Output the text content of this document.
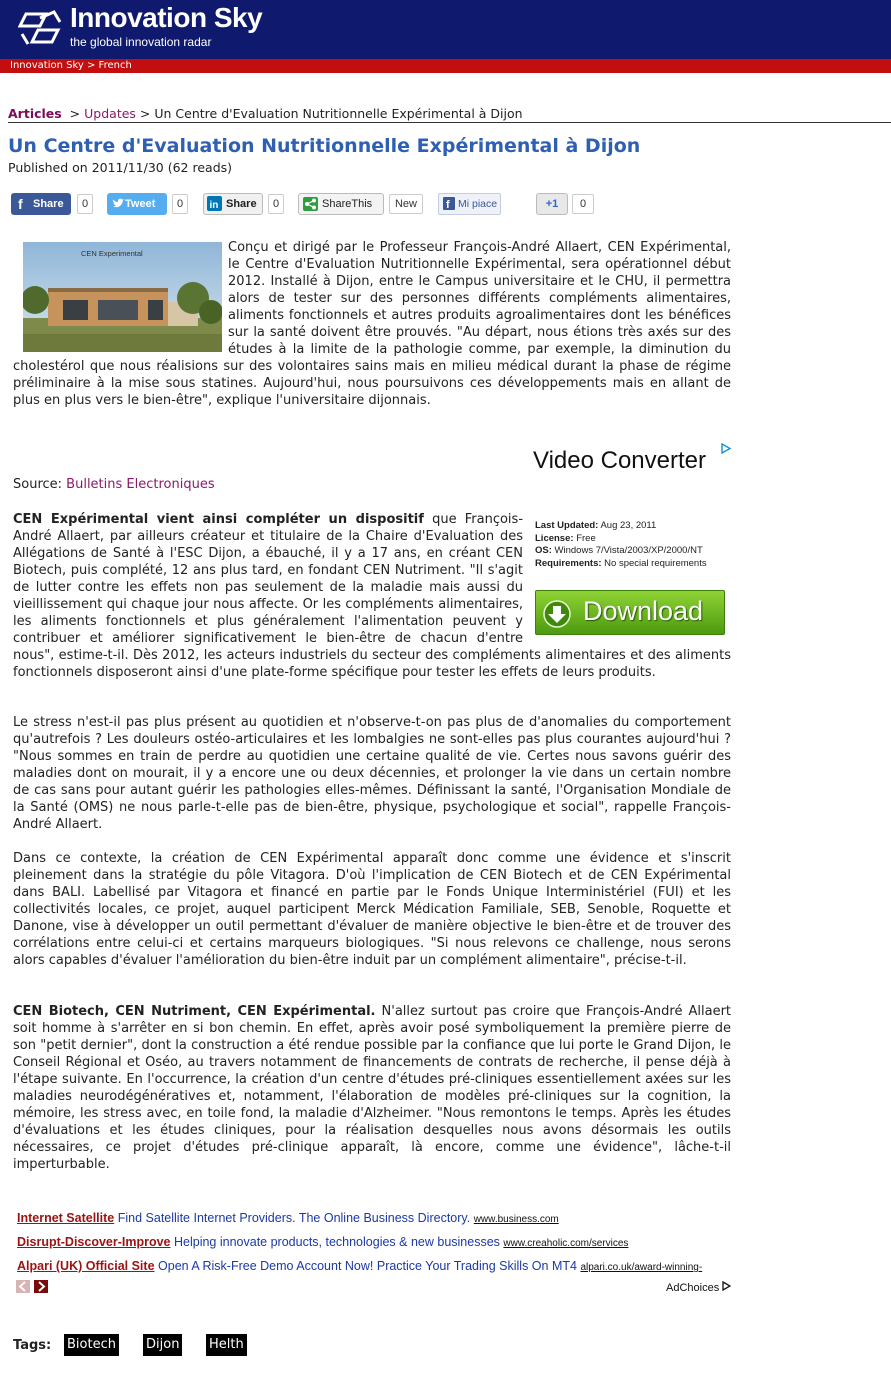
Innovation Sky
the global innovation radar
Innovation Sky > French
Articles > Updates > Un Centre d'Evaluation Nutritionnelle Expérimental à Dijon
Un Centre d'Evaluation Nutritionnelle Expérimental à Dijon
Published on 2011/11/30 (62 reads)
f Share	0	Tweet	0	in Share	0	ShareThis	New	f Mi piace	+1	0
CEN Experimental	Conçu et dirigé par le Professeur François-André Allaert, CEN Expérimental, le Centre d'Evaluation Nutritionnelle Expérimental, sera opérationnel début 2012. Installé à Dijon, entre le Campus universitaire et le CHU, il permettra alors de tester sur des personnes différents compléments alimentaires, aliments fonctionnels et autres produits agroalimentaires dont les bénéfices sur la santé doivent être prouvés. "Au départ, nous étions très axés sur des études à la limite de la pathologie comme, par exemple, la diminution du cholestérol que nous réalisions sur des volontaires sains mais en milieu médical durant la phase de régime préliminaire à la mise sous statines. Aujourd'hui, nous poursuivons ces développements mais en allant de plus en plus vers le bien-être", explique l'universitaire dijonnais.
Source: Bulletins Electroniques
Video Converter
Last Updated: Aug 23, 2011
License: Free
OS: Windows 7/Vista/2003/XP/2000/NT
Requirements: No special requirements
Download
CEN Expérimental vient ainsi compléter un dispositif que François-André Allaert, par ailleurs créateur et titulaire de la Chaire d'Evaluation des Allégations de Santé à l'ESC Dijon, a ébauché, il y a 17 ans, en créant CEN Biotech, puis complété, 12 ans plus tard, en fondant CEN Nutriment. "Il s'agit de lutter contre les effets non pas seulement de la maladie mais aussi du vieillissement qui chaque jour nous affecte. Or les compléments alimentaires, les aliments fonctionnels et plus généralement l'alimentation peuvent y contribuer et améliorer significativement le bien-être de chacun d'entre nous", estime-t-il. Dès 2012, les acteurs industriels du secteur des compléments alimentaires et des aliments fonctionnels disposeront ainsi d'une plate-forme spécifique pour tester les effets de leurs produits.
Le stress n'est-il pas plus présent au quotidien et n'observe-t-on pas plus de d'anomalies du comportement qu'autrefois ? Les douleurs ostéo-articulaires et les lombalgies ne sont-elles pas plus courantes aujourd'hui ? "Nous sommes en train de perdre au quotidien une certaine qualité de vie. Certes nous savons guérir des maladies dont on mourait, il y a encore une ou deux décennies, et prolonger la vie dans un certain nombre de cas sans pour autant guérir les pathologies elles-mêmes. Définissant la santé, l'Organisation Mondiale de la Santé (OMS) ne nous parle-t-elle pas de bien-être, physique, psychologique et social", rappelle François-André Allaert.
Dans ce contexte, la création de CEN Expérimental apparaît donc comme une évidence et s'inscrit pleinement dans la stratégie du pôle Vitagora. D'où l'implication de CEN Biotech et de CEN Expérimental dans BALI. Labellisé par Vitagora et financé en partie par le Fonds Unique Interministériel (FUI) et les collectivités locales, ce projet, auquel participent Merck Médication Familiale, SEB, Senoble, Roquette et Danone, vise à développer un outil permettant d'évaluer de manière objective le bien-être et de trouver des corrélations entre celui-ci et certains marqueurs biologiques. "Si nous relevons ce challenge, nous serons alors capables d'évaluer l'amélioration du bien-être induit par un complément alimentaire", précise-t-il.
CEN Biotech, CEN Nutriment, CEN Expérimental. N'allez surtout pas croire que François-André Allaert soit homme à s'arrêter en si bon chemin. En effet, après avoir posé symboliquement la première pierre de son "petit dernier", dont la construction a été rendue possible par la confiance que lui porte le Grand Dijon, le Conseil Régional et Oséo, au travers notamment de financements de contrats de recherche, il pense déjà à l'étape suivante. En l'occurrence, la création d'un centre d'études pré-cliniques essentiellement axées sur les maladies neurodégénératives et, notamment, l'élaboration de modèles pré-cliniques sur la cognition, la mémoire, les stress avec, en toile fond, la maladie d'Alzheimer. "Nous remontons le temps. Après les études d'évaluations et les études cliniques, pour la réalisation desquelles nous avons désormais les outils nécessaires, ce projet d'études pré-clinique apparaît, là encore, comme une évidence", lâche-t-il imperturbable.
Internet Satellite Find Satellite Internet Providers. The Online Business Directory. www.business.com
Disrupt-Discover-Improve Helping innovate products, technologies & new businesses www.creaholic.com/services
Alpari (UK) Official Site Open A Risk-Free Demo Account Now! Practice Your Trading Skills On MT4 alpari.co.uk/award-winning-
AdChoices
Tags: Biotech Dijon Helth
